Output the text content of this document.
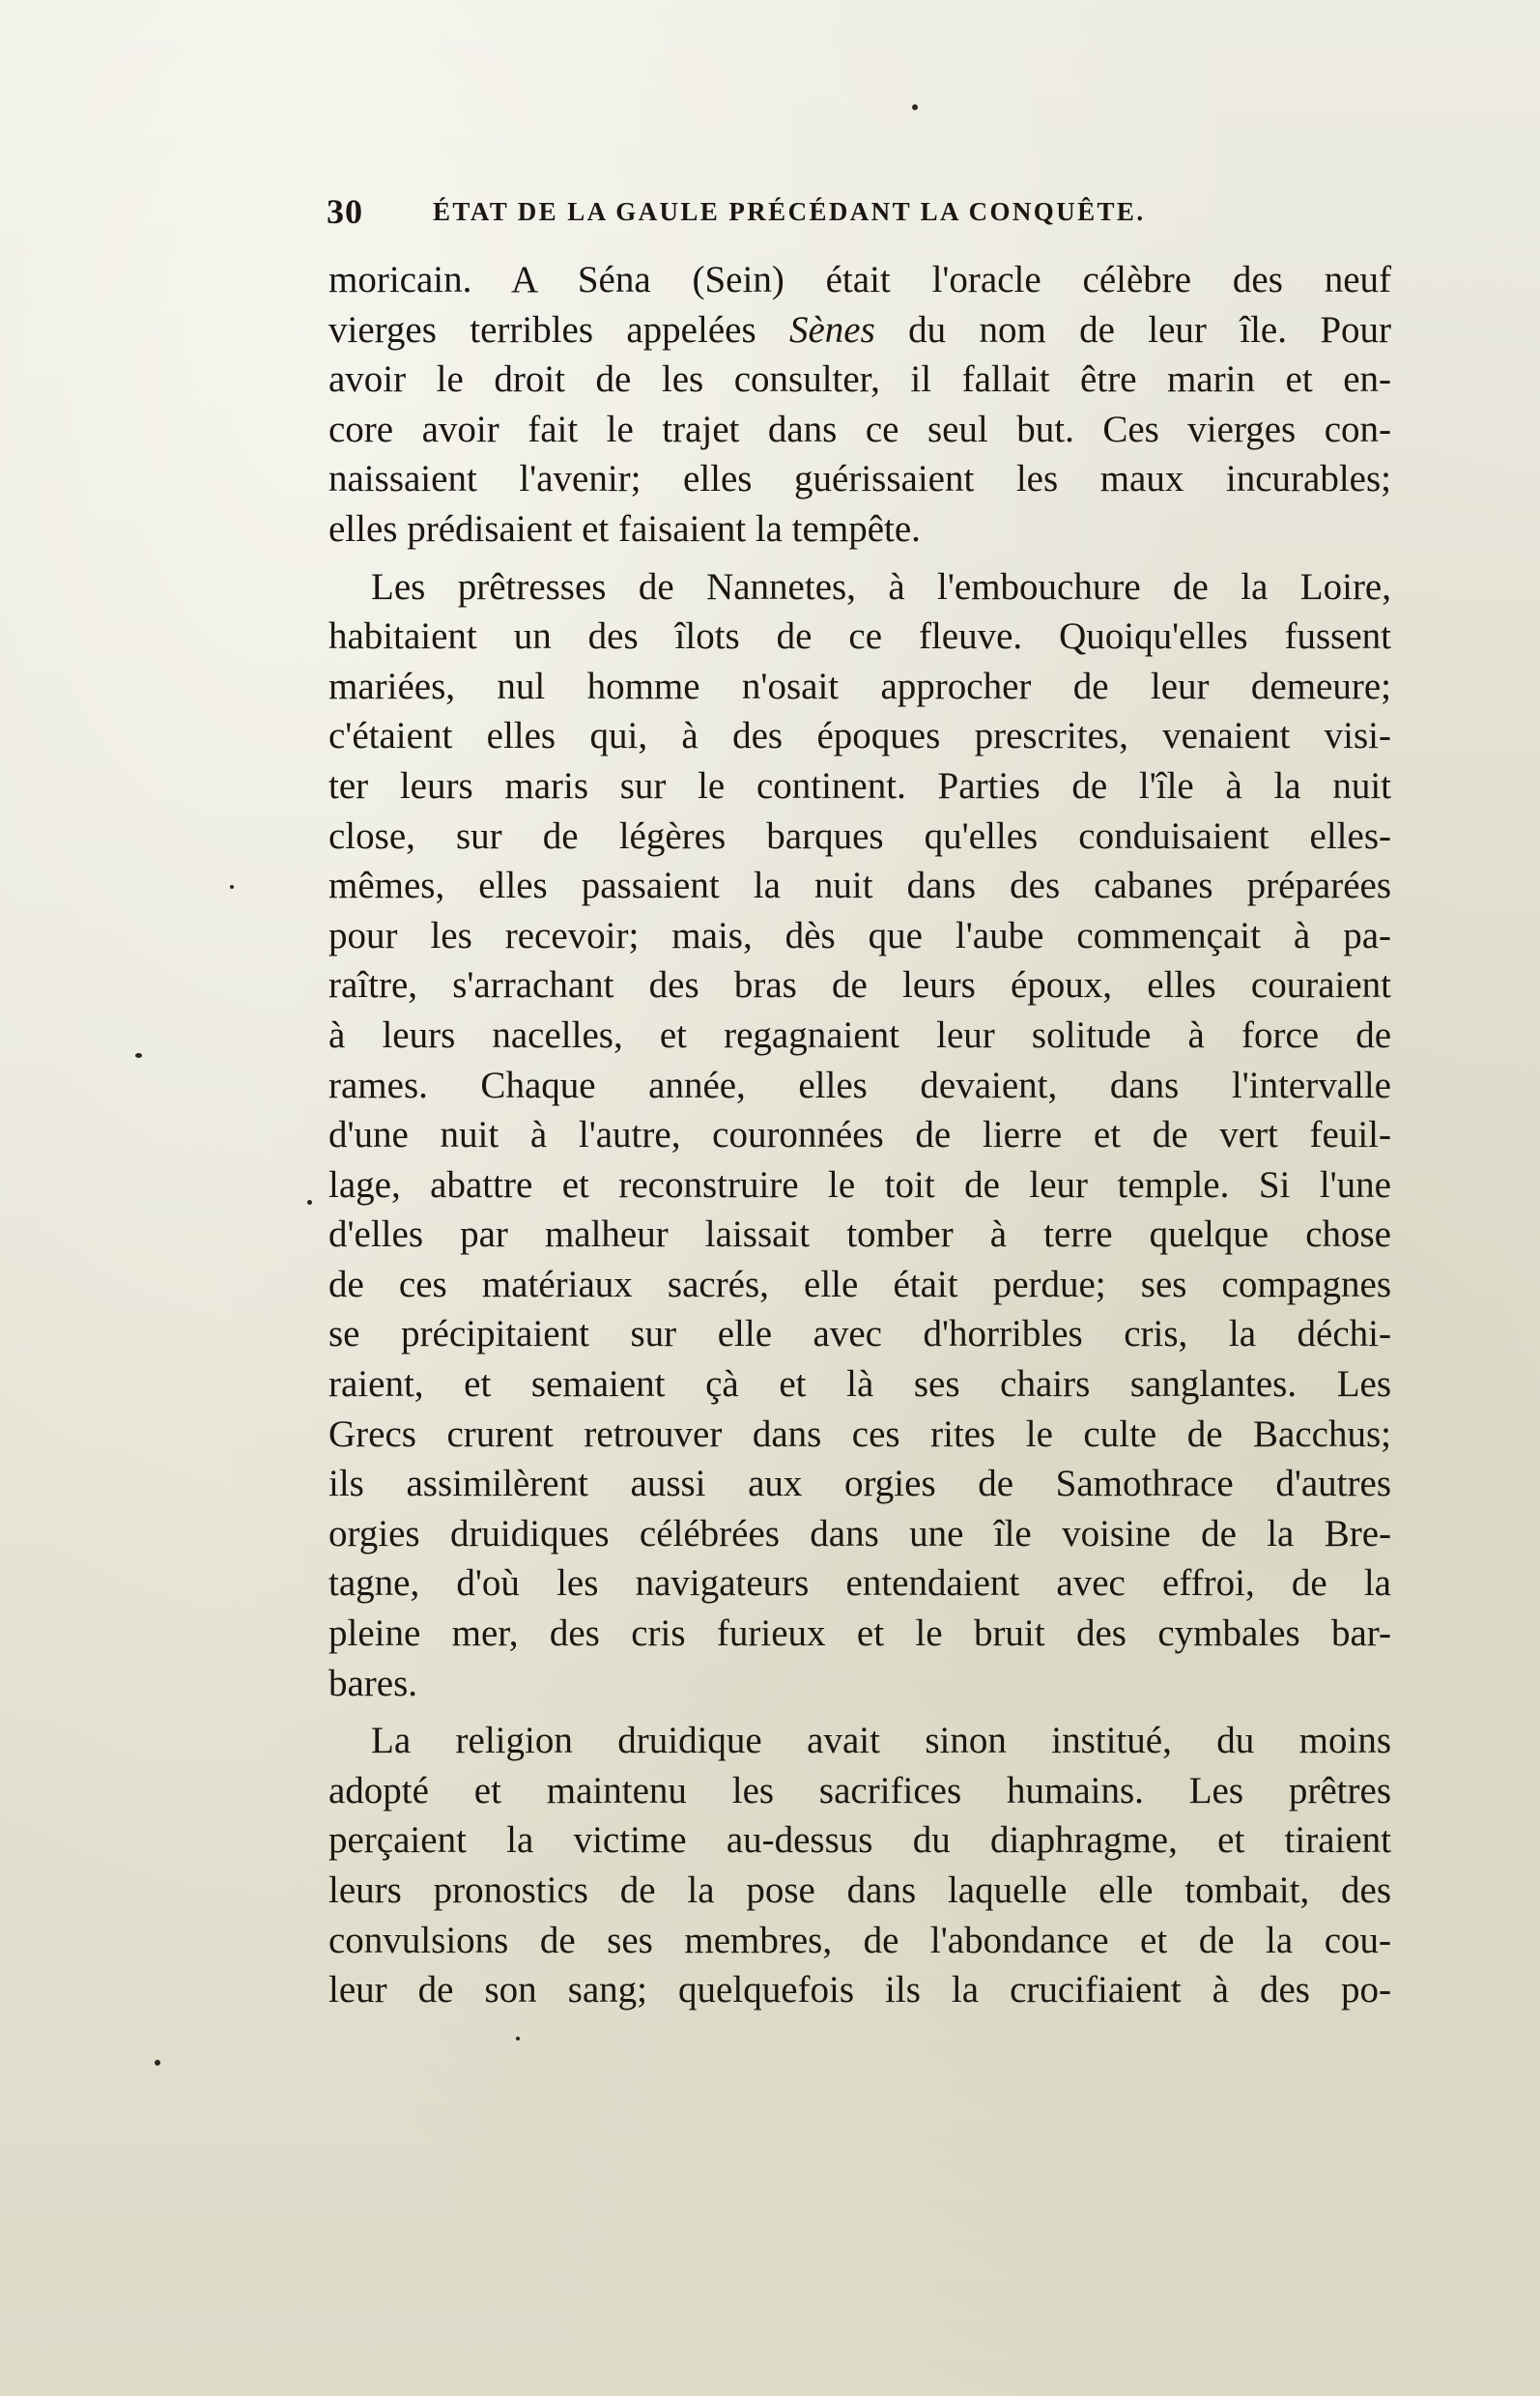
30	ÉTAT DE LA GAULE PRÉCÉDANT LA CONQUÊTE.
moricain. A Séna (Sein) était l'oracle célèbre des neuf
vierges terribles appelées Sènes du nom de leur île. Pour
avoir le droit de les consulter, il fallait être marin et en-
core avoir fait le trajet dans ce seul but. Ces vierges con-
naissaient l'avenir; elles guérissaient les maux incurables;
elles prédisaient et faisaient la tempête.
Les prêtresses de Nannetes, à l'embouchure de la Loire,
habitaient un des îlots de ce fleuve. Quoiqu'elles fussent
mariées, nul homme n'osait approcher de leur demeure;
c'étaient elles qui, à des époques prescrites, venaient visi-
ter leurs maris sur le continent. Parties de l'île à la nuit
close, sur de légères barques qu'elles conduisaient elles-
mêmes, elles passaient la nuit dans des cabanes préparées
pour les recevoir; mais, dès que l'aube commençait à pa-
raître, s'arrachant des bras de leurs époux, elles couraient
à leurs nacelles, et regagnaient leur solitude à force de
rames. Chaque année, elles devaient, dans l'intervalle
d'une nuit à l'autre, couronnées de lierre et de vert feuil-
lage, abattre et reconstruire le toit de leur temple. Si l'une
d'elles par malheur laissait tomber à terre quelque chose
de ces matériaux sacrés, elle était perdue; ses compagnes
se précipitaient sur elle avec d'horribles cris, la déchi-
raient, et semaient çà et là ses chairs sanglantes. Les
Grecs crurent retrouver dans ces rites le culte de Bacchus;
ils assimilèrent aussi aux orgies de Samothrace d'autres
orgies druidiques célébrées dans une île voisine de la Bre-
tagne, d'où les navigateurs entendaient avec effroi, de la
pleine mer, des cris furieux et le bruit des cymbales bar-
bares.
La religion druidique avait sinon institué, du moins
adopté et maintenu les sacrifices humains. Les prêtres
perçaient la victime au-dessus du diaphragme, et tiraient
leurs pronostics de la pose dans laquelle elle tombait, des
convulsions de ses membres, de l'abondance et de la cou-
leur de son sang; quelquefois ils la crucifiaient à des po-
